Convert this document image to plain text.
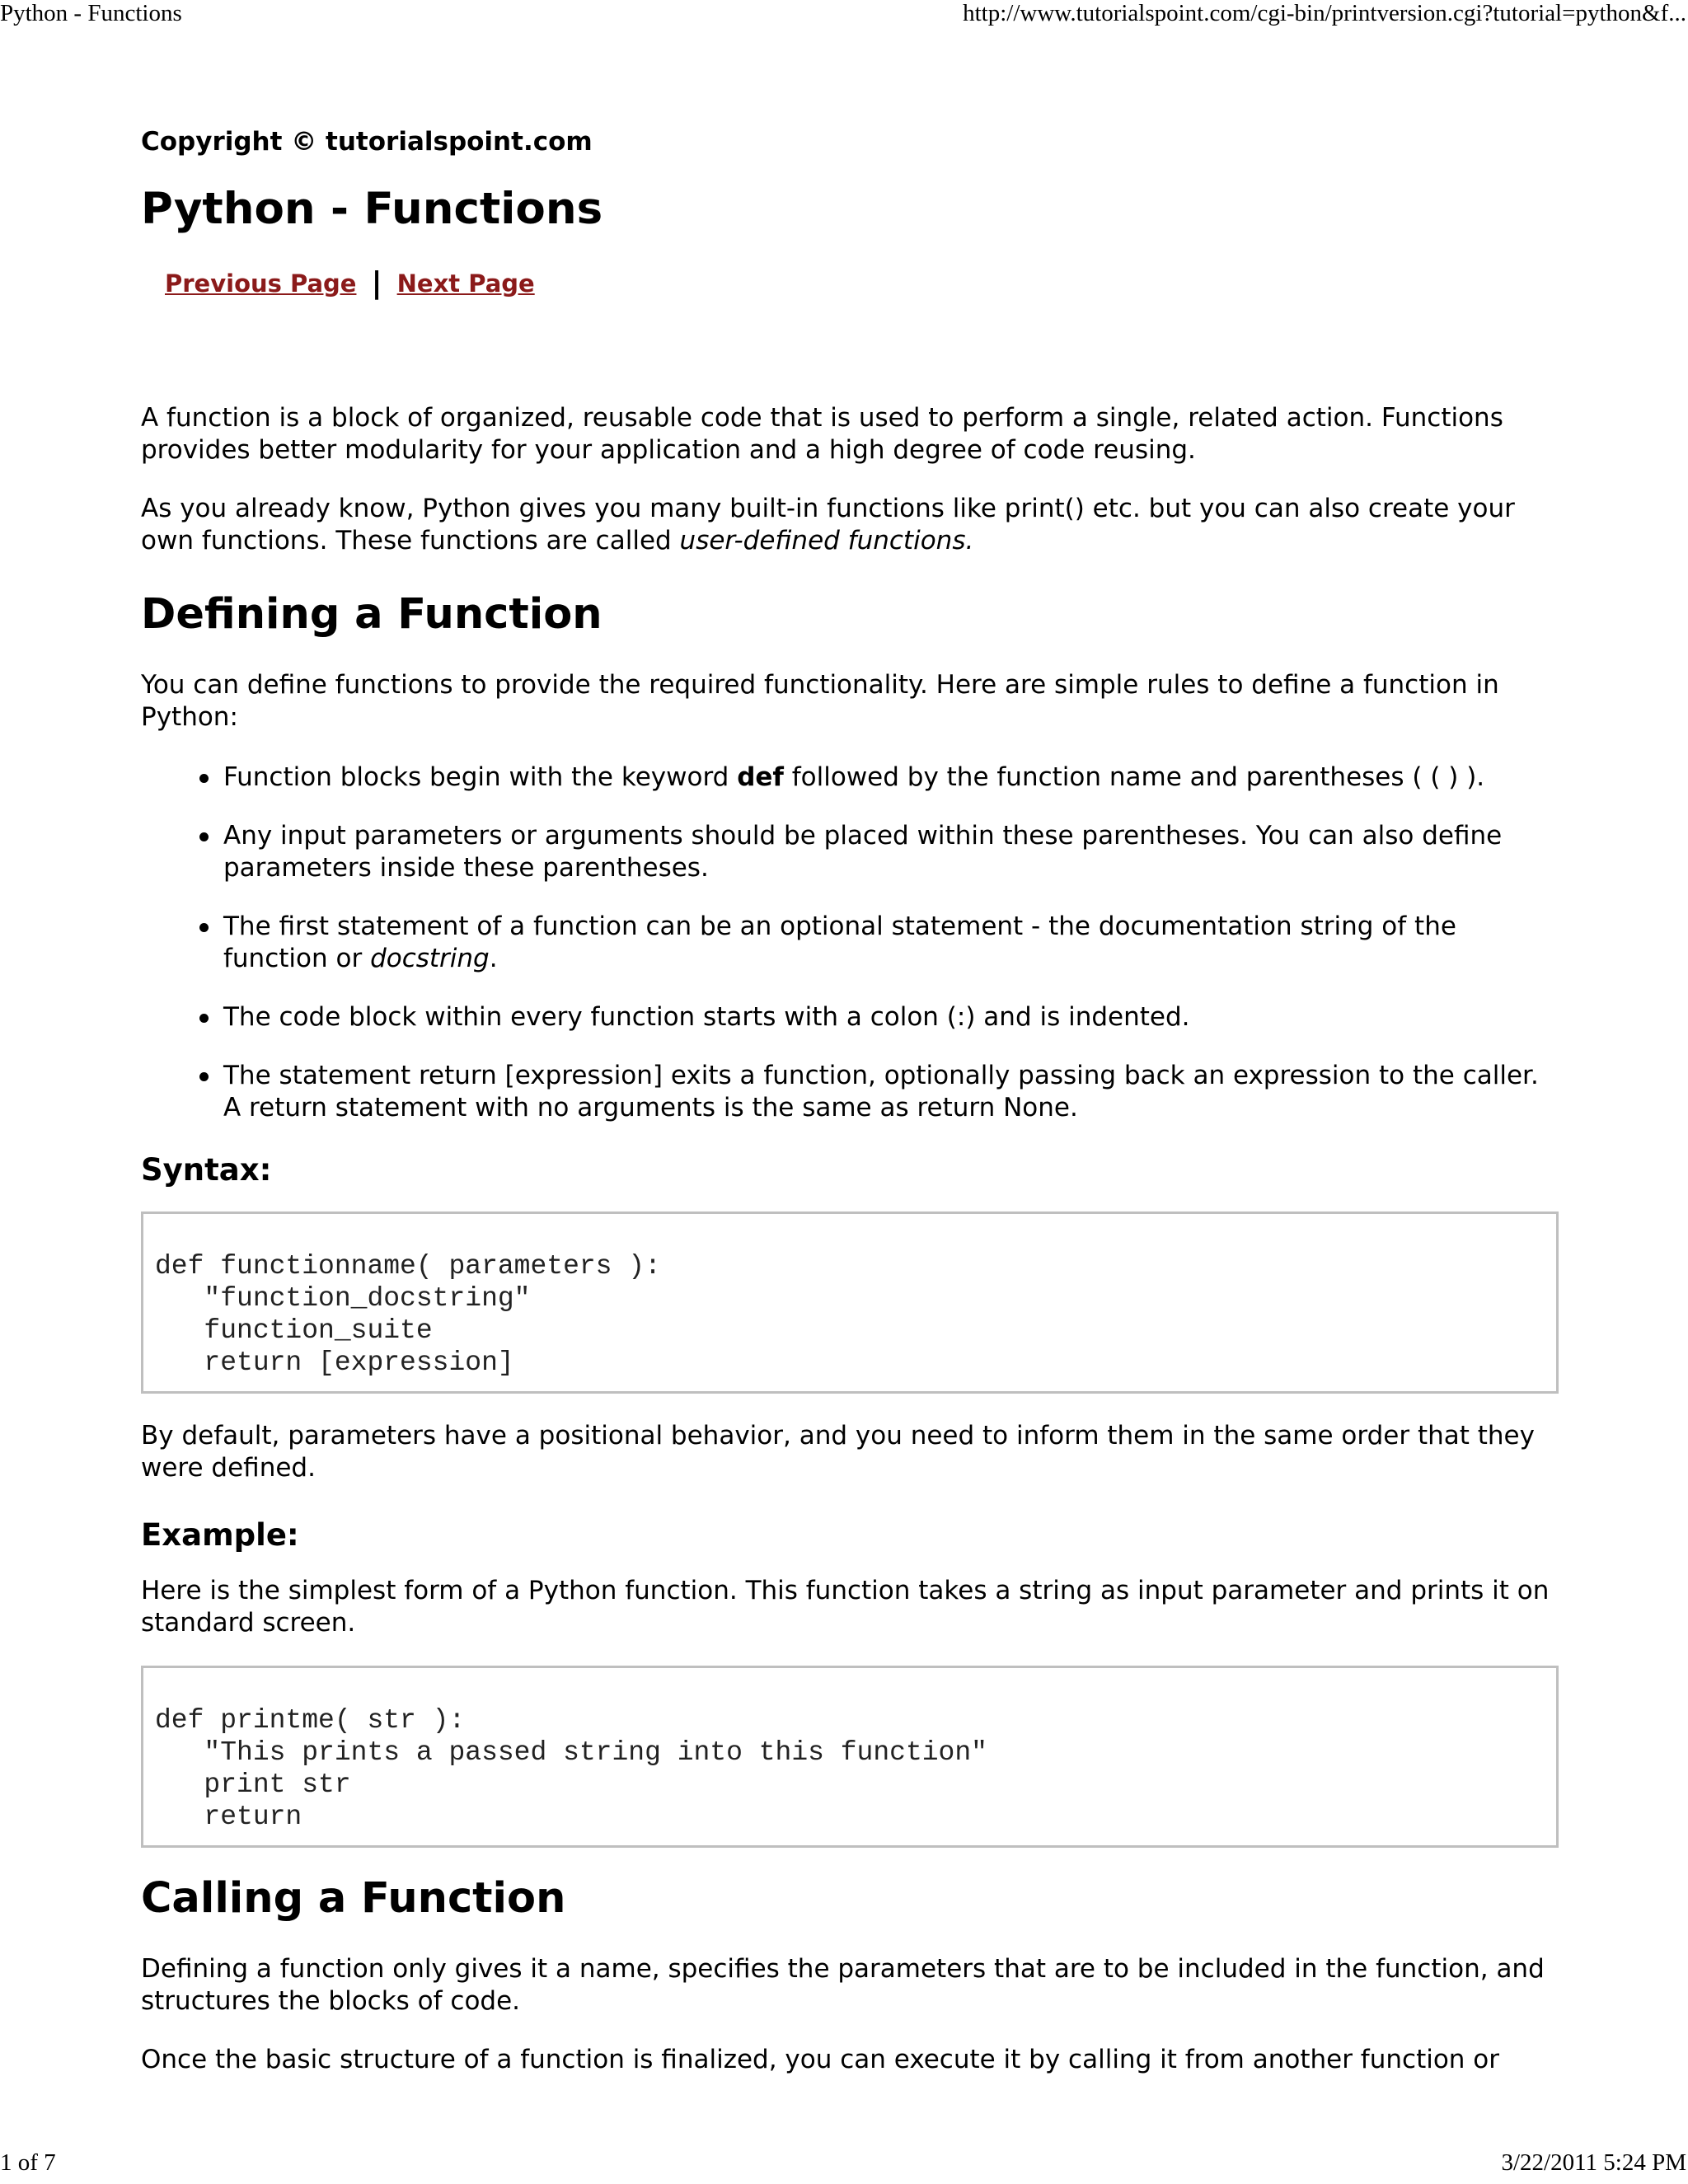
Python - Functions	http://www.tutorialspoint.com/cgi-bin/printversion.cgi?tutorial=python&f...

Copyright © tutorialspoint.com

Python - Functions
Previous Page | Next Page

A function is a block of organized, reusable code that is used to perform a single, related action. Functions provides better modularity for your application and a high degree of code reusing.

As you already know, Python gives you many built-in functions like print() etc. but you can also create your own functions. These functions are called user-defined functions.

Defining a Function

You can define functions to provide the required functionality. Here are simple rules to define a function in Python:

Function blocks begin with the keyword def followed by the function name and parentheses ( ( ) ).
Any input parameters or arguments should be placed within these parentheses. You can also define parameters inside these parentheses.
The first statement of a function can be an optional statement - the documentation string of the function or docstring.
The code block within every function starts with a colon (:) and is indented.
The statement return [expression] exits a function, optionally passing back an expression to the caller. A return statement with no arguments is the same as return None.
Syntax:
def functionname( parameters ):
"function_docstring"
function_suite
return [expression]

By default, parameters have a positional behavior, and you need to inform them in the same order that they were defined.

Example:

Here is the simplest form of a Python function. This function takes a string as input parameter and prints it on standard screen.

def printme( str ):
"This prints a passed string into this function"
print str
return
Calling a Function

Defining a function only gives it a name, specifies the parameters that are to be included in the function, and structures the blocks of code.

Once the basic structure of a function is finalized, you can execute it by calling it from another function or

1 of 7	3/22/2011 5:24 PM
